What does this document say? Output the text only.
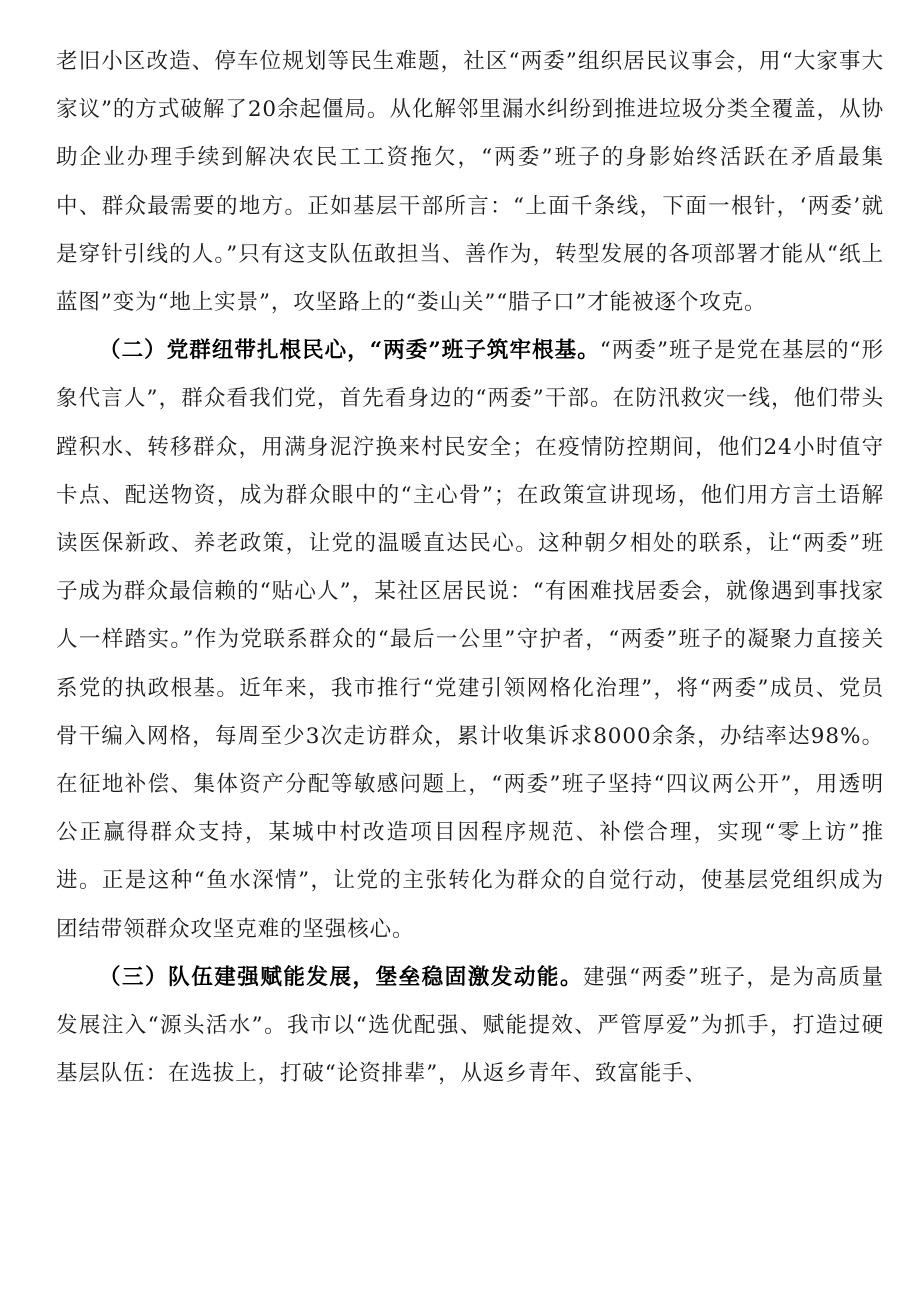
老旧小区改造、停车位规划等民生难题，社区“两委”组织居民议事会，用“大家事大家议”的方式破解了20余起僵局。从化解邻里漏水纠纷到推进垃圾分类全覆盖，从协助企业办理手续到解决农民工工资拖欠，“两委”班子的身影始终活跃在矛盾最集中、群众最需要的地方。正如基层干部所言：“上面千条线，下面一根针，‘两委’就是穿针引线的人。”只有这支队伍敢担当、善作为，转型发展的各项部署才能从“纸上蓝图”变为“地上实景”，攻坚路上的“娄山关”“腊子口”才能被逐个攻克。

（二）党群纽带扎根民心，“两委”班子筑牢根基。“两委”班子是党在基层的“形象代言人”，群众看我们党，首先看身边的“两委”干部。在防汛救灾一线，他们带头蹚积水、转移群众，用满身泥泞换来村民安全；在疫情防控期间，他们24小时值守卡点、配送物资，成为群众眼中的“主心骨”；在政策宣讲现场，他们用方言土语解读医保新政、养老政策，让党的温暖直达民心。这种朝夕相处的联系，让“两委”班子成为群众最信赖的“贴心人”，某社区居民说：“有困难找居委会，就像遇到事找家人一样踏实。”作为党联系群众的“最后一公里”守护者，“两委”班子的凝聚力直接关系党的执政根基。近年来，我市推行“党建引领网格化治理”，将“两委”成员、党员骨干编入网格，每周至少3次走访群众，累计收集诉求8000余条，办结率达98%。在征地补偿、集体资产分配等敏感问题上，“两委”班子坚持“四议两公开”，用透明公正赢得群众支持，某城中村改造项目因程序规范、补偿合理，实现“零上访”推进。正是这种“鱼水深情”，让党的主张转化为群众的自觉行动，使基层党组织成为团结带领群众攻坚克难的坚强核心。

（三）队伍建强赋能发展，堡垒稳固激发动能。建强“两委”班子，是为高质量发展注入“源头活水”。我市以“选优配强、赋能提效、严管厚爱”为抓手，打造过硬基层队伍：在选拔上，打破“论资排辈”，从返乡青年、致富能手、
